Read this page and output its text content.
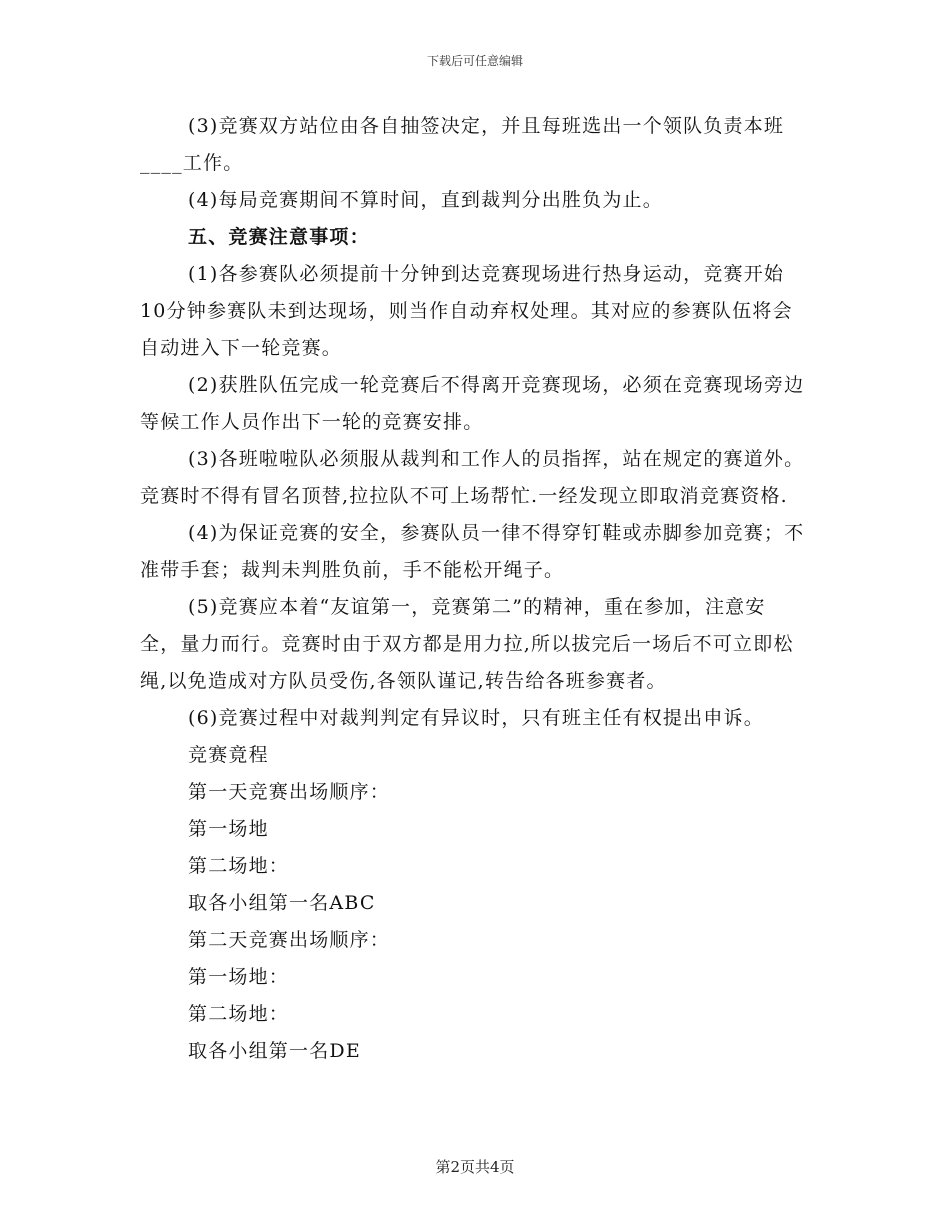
下载后可任意编辑

(3)竞赛双方站位由各自抽签决定，并且每班选出一个领队负责本班____工作。

(4)每局竞赛期间不算时间，直到裁判分出胜负为止。

五、竞赛注意事项：

(1)各参赛队必须提前十分钟到达竞赛现场进行热身运动，竞赛开始10分钟参赛队未到达现场，则当作自动弃权处理。其对应的参赛队伍将会自动进入下一轮竞赛。

(2)获胜队伍完成一轮竞赛后不得离开竞赛现场，必须在竞赛现场旁边等候工作人员作出下一轮的竞赛安排。

(3)各班啦啦队必须服从裁判和工作人的员指挥，站在规定的赛道外。竞赛时不得有冒名顶替,拉拉队不可上场帮忙.一经发现立即取消竞赛资格.

(4)为保证竞赛的安全，参赛队员一律不得穿钉鞋或赤脚参加竞赛；不准带手套；裁判未判胜负前，手不能松开绳子。

(5)竞赛应本着“友谊第一，竞赛第二”的精神，重在参加，注意安全，量力而行。竞赛时由于双方都是用力拉,所以拔完后一场后不可立即松绳,以免造成对方队员受伤,各领队谨记,转告给各班参赛者。

(6)竞赛过程中对裁判判定有异议时，只有班主任有权提出申诉。

竞赛竟程

第一天竞赛出场顺序：

第一场地

第二场地：

取各小组第一名ABC

第二天竞赛出场顺序：

第一场地：

第二场地：

取各小组第一名DE

第2页共4页
